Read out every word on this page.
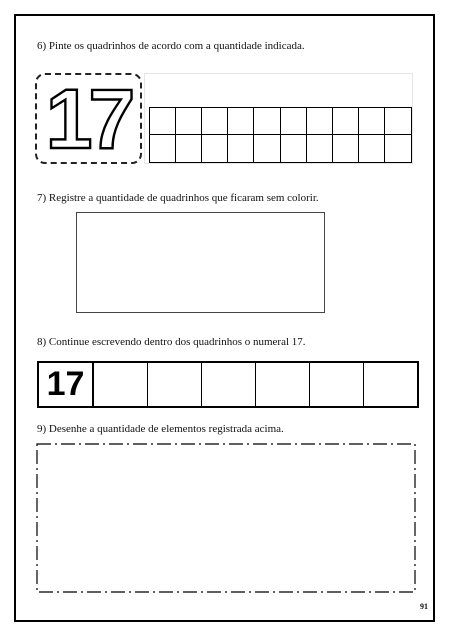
6) Pinte os quadrinhos de acordo com a quantidade indicada.
17
7) Registre a quantidade de quadrinhos que ficaram sem colorir.
8) Continue escrevendo dentro dos quadrinhos o numeral 17.
17
9) Desenhe a quantidade de elementos registrada acima.
91
